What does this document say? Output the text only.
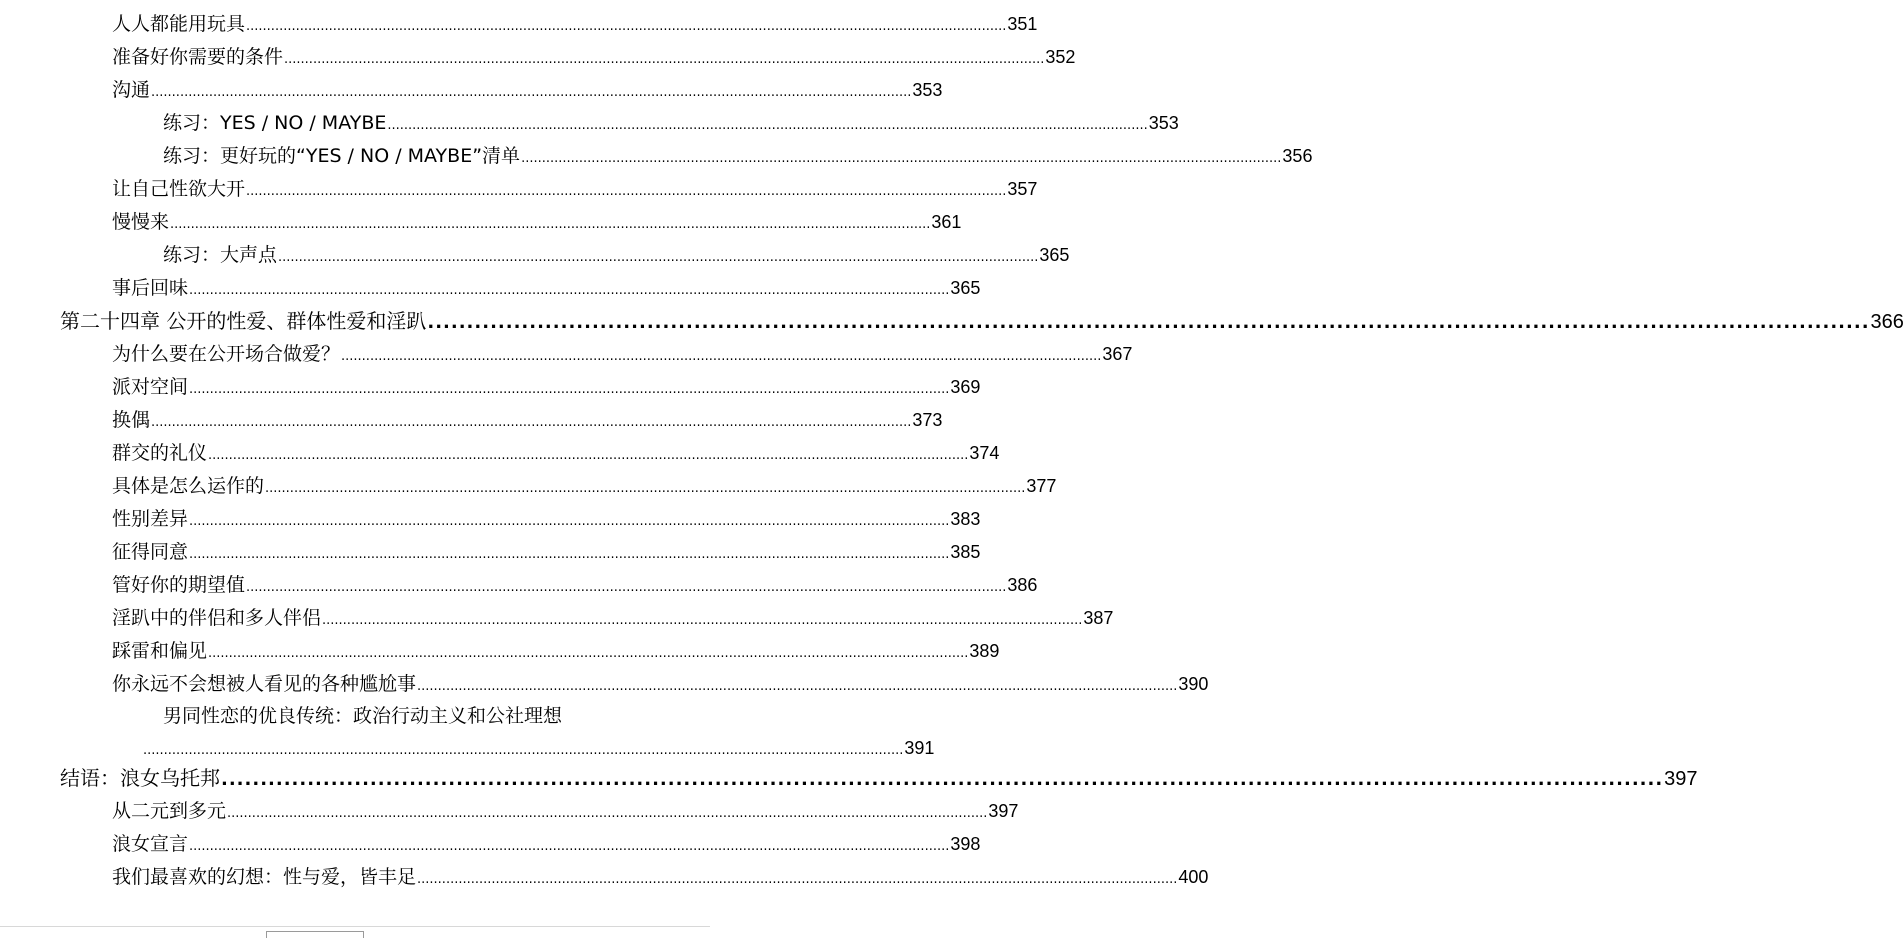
人人都能用玩具 ........................................................................................................................................................................................ 351
准备好你需要的条件 ........................................................................................................................................................................................ 352
沟通 ........................................................................................................................................................................................ 353
练习：YES / NO / MAYBE ........................................................................................................................................................................................ 353
练习：更好玩的“YES / NO / MAYBE”清单 ........................................................................................................................................................................................ 356
让自己性欲大开 ........................................................................................................................................................................................ 357
慢慢来 ........................................................................................................................................................................................ 361
练习：大声点 ........................................................................................................................................................................................ 365
事后回味 ........................................................................................................................................................................................ 365
第二十四章 公开的性爱、群体性爱和淫趴 ........................................................................................................................................................................................ 366
为什么要在公开场合做爱？ ........................................................................................................................................................................................ 367
派对空间 ........................................................................................................................................................................................ 369
换偶 ........................................................................................................................................................................................ 373
群交的礼仪 ........................................................................................................................................................................................ 374
具体是怎么运作的 ........................................................................................................................................................................................ 377
性别差异 ........................................................................................................................................................................................ 383
征得同意 ........................................................................................................................................................................................ 385
管好你的期望值 ........................................................................................................................................................................................ 386
淫趴中的伴侣和多人伴侣 ........................................................................................................................................................................................ 387
踩雷和偏见 ........................................................................................................................................................................................ 389
你永远不会想被人看见的各种尴尬事 ........................................................................................................................................................................................ 390
男同性恋的优良传统：政治行动主义和公社理想
........................................................................................................................................................................................ 391
结语：浪女乌托邦 ........................................................................................................................................................................................ 397
从二元到多元 ........................................................................................................................................................................................ 397
浪女宣言 ........................................................................................................................................................................................ 398
我们最喜欢的幻想：性与爱，皆丰足 ........................................................................................................................................................................................ 400
